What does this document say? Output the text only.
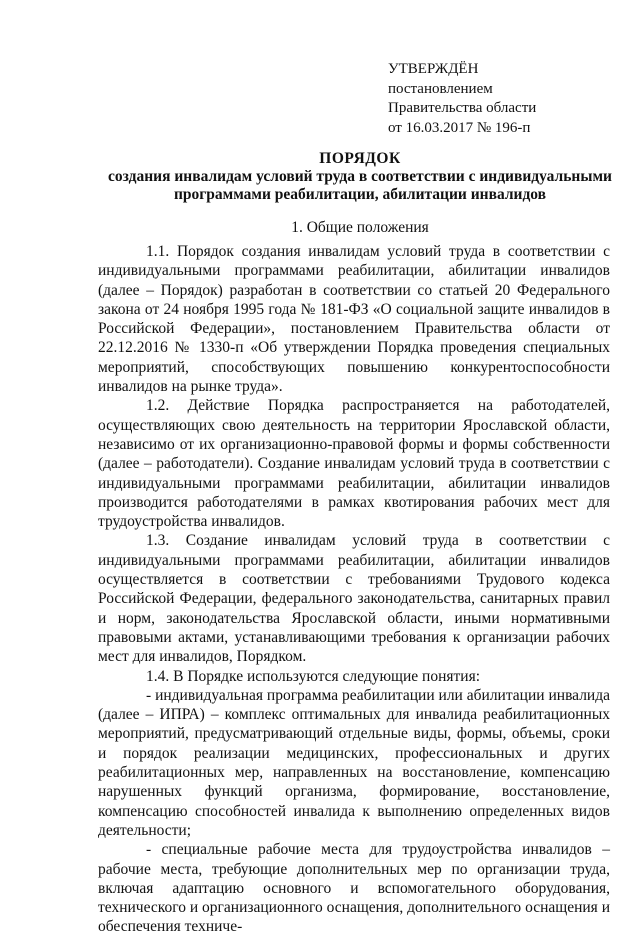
УТВЕРЖДЁН
постановлением
Правительства области
от 16.03.2017 № 196-п
ПОРЯДОК
создания инвалидам условий труда в соответствии с индивидуальными программами реабилитации, абилитации инвалидов
1. Общие положения

1.1. Порядок создания инвалидам условий труда в соответствии с индивидуальными программами реабилитации, абилитации инвалидов (далее – Порядок) разработан в соответствии со статьей 20 Федерального закона от 24 ноября 1995 года № 181-ФЗ «О социальной защите инвалидов в Российской Федерации», постановлением Правительства области от 22.12.2016 № 1330-п «Об утверждении Порядка проведения специальных мероприятий, способствующих повышению конкурентоспособности инвалидов на рынке труда».

1.2. Действие Порядка распространяется на работодателей, осуществляющих свою деятельность на территории Ярославской области, независимо от их организационно-правовой формы и формы собственности (далее – работодатели). Создание инвалидам условий труда в соответствии с индивидуальными программами реабилитации, абилитации инвалидов производится работодателями в рамках квотирования рабочих мест для трудоустройства инвалидов.

1.3. Создание инвалидам условий труда в соответствии с индивидуальными программами реабилитации, абилитации инвалидов осуществляется в соответствии с требованиями Трудового кодекса Российской Федерации, федерального законодательства, санитарных правил и норм, законодательства Ярославской области, иными нормативными правовыми актами, устанавливающими требования к организации рабочих мест для инвалидов, Порядком.

1.4. В Порядке используются следующие понятия:

- индивидуальная программа реабилитации или абилитации инвалида (далее – ИПРА) – комплекс оптимальных для инвалида реабилитационных мероприятий, предусматривающий отдельные виды, формы, объемы, сроки и порядок реализации медицинских, профессиональных и других реабилитационных мер, направленных на восстановление, компенсацию нарушенных функций организма, формирование, восстановление, компенсацию способностей инвалида к выполнению определенных видов деятельности;

- специальные рабочие места для трудоустройства инвалидов – рабочие места, требующие дополнительных мер по организации труда, включая адаптацию основного и вспомогательного оборудования, технического и организационного оснащения, дополнительного оснащения и обеспечения техниче-
